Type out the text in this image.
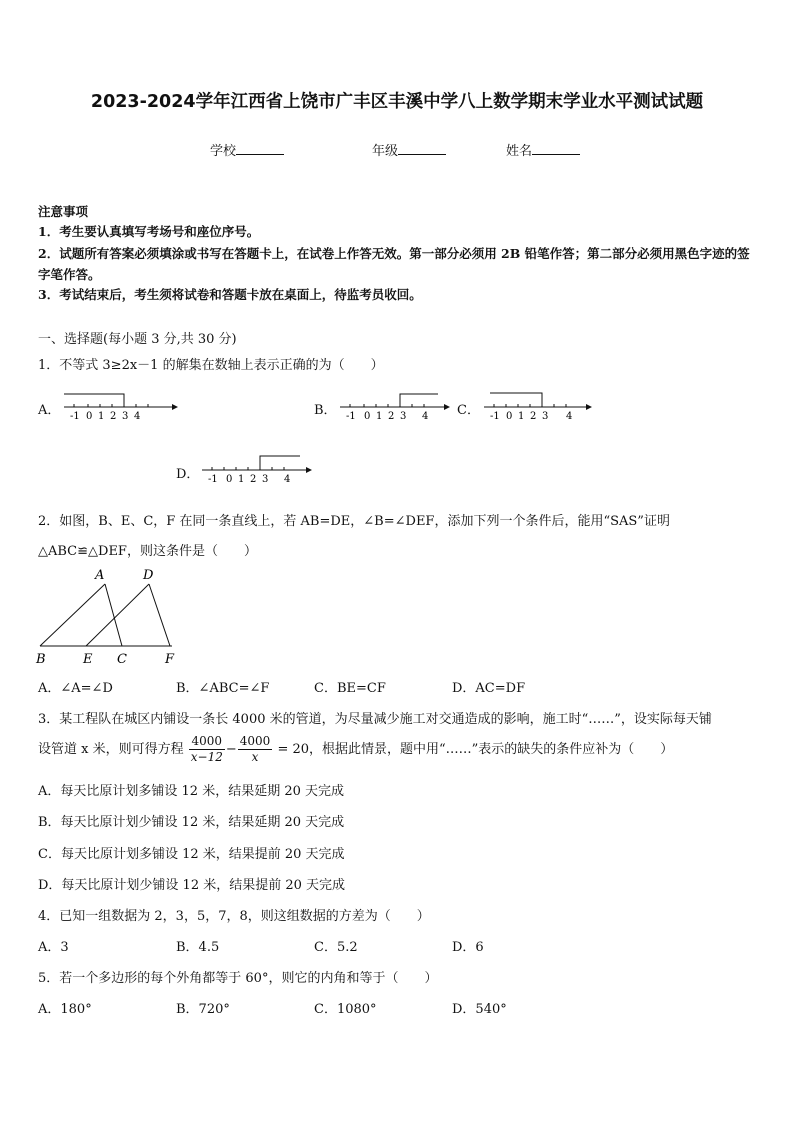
2023-2024学年江西省上饶市广丰区丰溪中学八上数学期末学业水平测试试题
学校	年级	姓名
注意事项
1．考生要认真填写考场号和座位序号。
2．试题所有答案必须填涂或书写在答题卡上，在试卷上作答无效。第一部分必须用 2B 铅笔作答；第二部分必须用黑色字迹的签字笔作答。
3．考试结束后，考生须将试卷和答题卡放在桌面上，待监考员收回。
一、选择题(每小题 3 分,共 30 分)
1．不等式 3≥2x－1 的解集在数轴上表示正确的为（　　）
A． -1 0 1 2 3 4	B． -1 0 1 2 3 4 C． -1 0 1 2 3 4
D． -1 0 1 2 3 4
2．如图，B、E、C，F 在同一条直线上，若 AB=DE，∠B=∠DEF，添加下列一个条件后，能用“SAS”证明
△ABC≌△DEF，则这条件是（　　）
A	D
B	E C	F
A．∠A=∠D	B．∠ABC=∠F	C．BE=CF	D．AC=DF
3．某工程队在城区内铺设一条长 4000 米的管道，为尽量减少施工对交通造成的影响，施工时“……”，设实际每天铺
设管道 x 米，则可得方程 $\frac{4000}{x-12} - \frac{4000}{x} = 20$，根据此情景，题中用“……”表示的缺失的条件应补为（　　）
A．每天比原计划多铺设 12 米，结果延期 20 天完成
B．每天比原计划少铺设 12 米，结果延期 20 天完成
C．每天比原计划多铺设 12 米，结果提前 20 天完成
D．每天比原计划少铺设 12 米，结果提前 20 天完成
4．已知一组数据为 2，3，5，7，8，则这组数据的方差为（　　）
A．3	B．4.5	C．5.2	D．6
5．若一个多边形的每个外角都等于 60°，则它的内角和等于（　　）
A．180°	B．720°	C．1080°	D．540°
